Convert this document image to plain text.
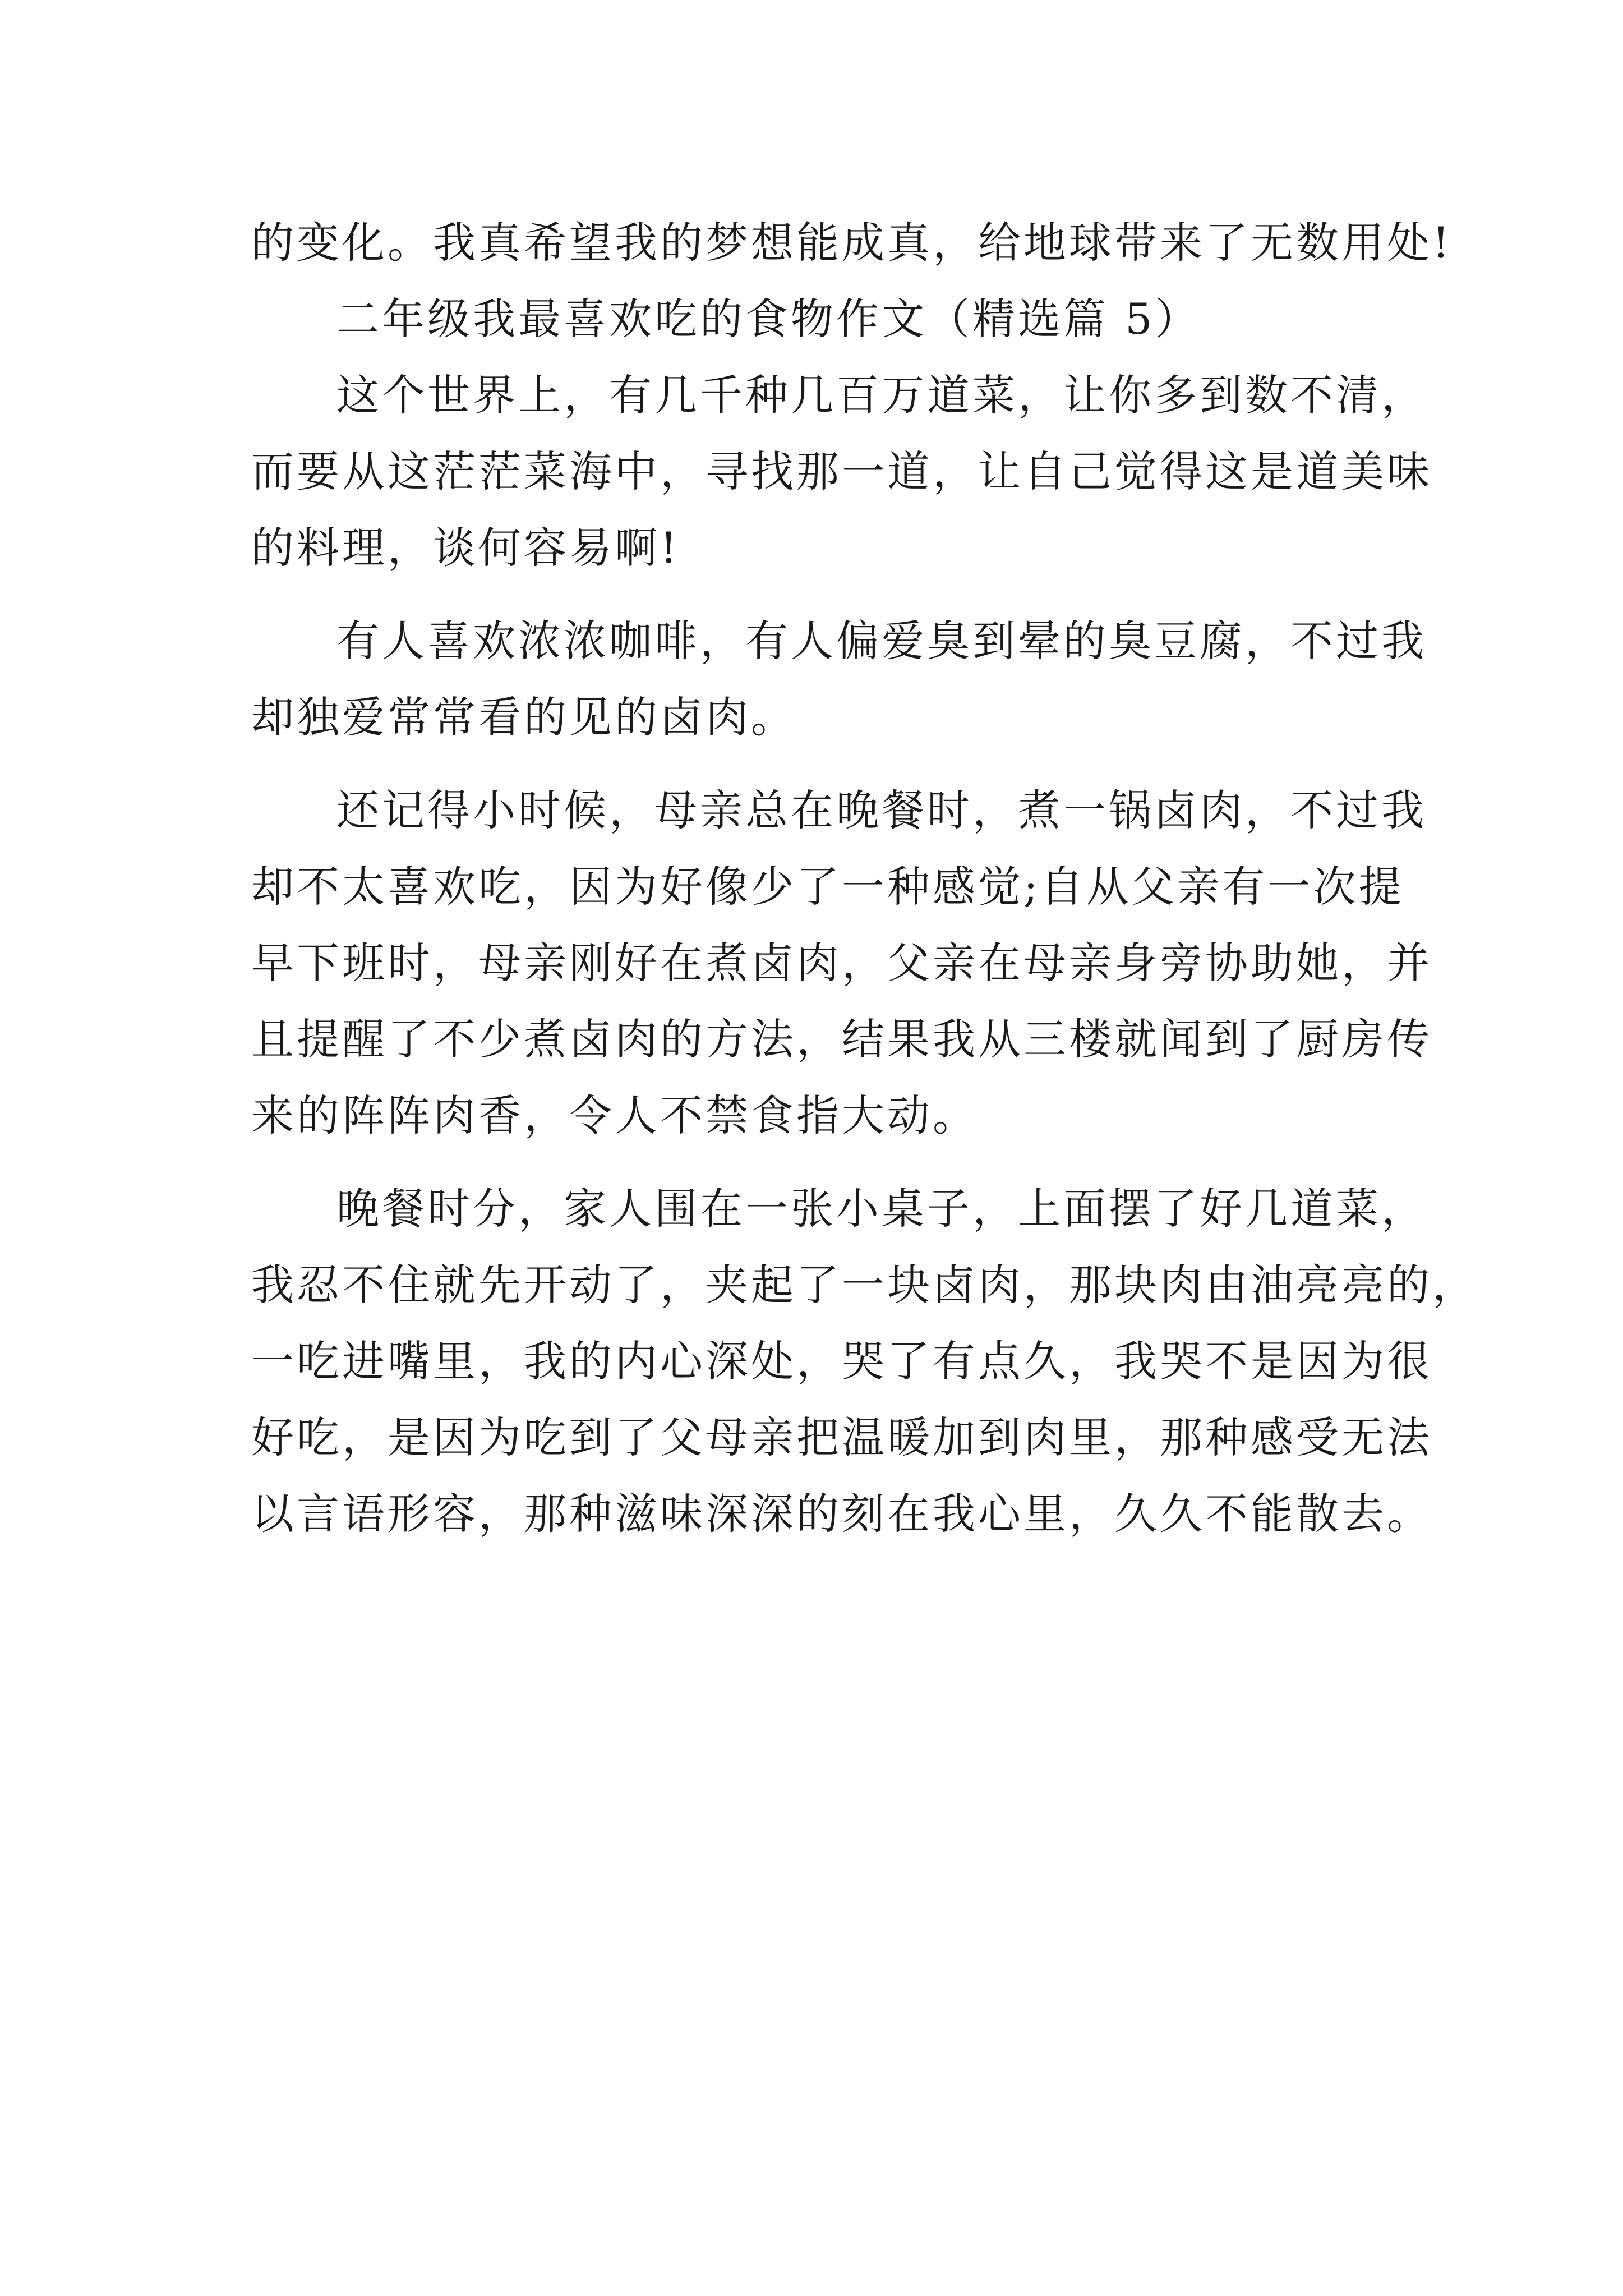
的变化。我真希望我的梦想能成真，给地球带来了无数用处!
二年级我最喜欢吃的食物作文（精选篇 5）
这个世界上，有几千种几百万道菜，让你多到数不清，
而要从这茫茫菜海中，寻找那一道，让自己觉得这是道美味
的料理，谈何容易啊!
有人喜欢浓浓咖啡，有人偏爱臭到晕的臭豆腐，不过我
却独爱常常看的见的卤肉。
还记得小时候，母亲总在晚餐时，煮一锅卤肉，不过我
却不太喜欢吃，因为好像少了一种感觉;自从父亲有一次提
早下班时，母亲刚好在煮卤肉，父亲在母亲身旁协助她，并
且提醒了不少煮卤肉的方法，结果我从三楼就闻到了厨房传
来的阵阵肉香，令人不禁食指大动。
晚餐时分，家人围在一张小桌子，上面摆了好几道菜，
我忍不住就先开动了，夹起了一块卤肉，那块肉由油亮亮的，
一吃进嘴里，我的内心深处，哭了有点久，我哭不是因为很
好吃，是因为吃到了父母亲把温暖加到肉里，那种感受无法
以言语形容，那种滋味深深的刻在我心里，久久不能散去。
